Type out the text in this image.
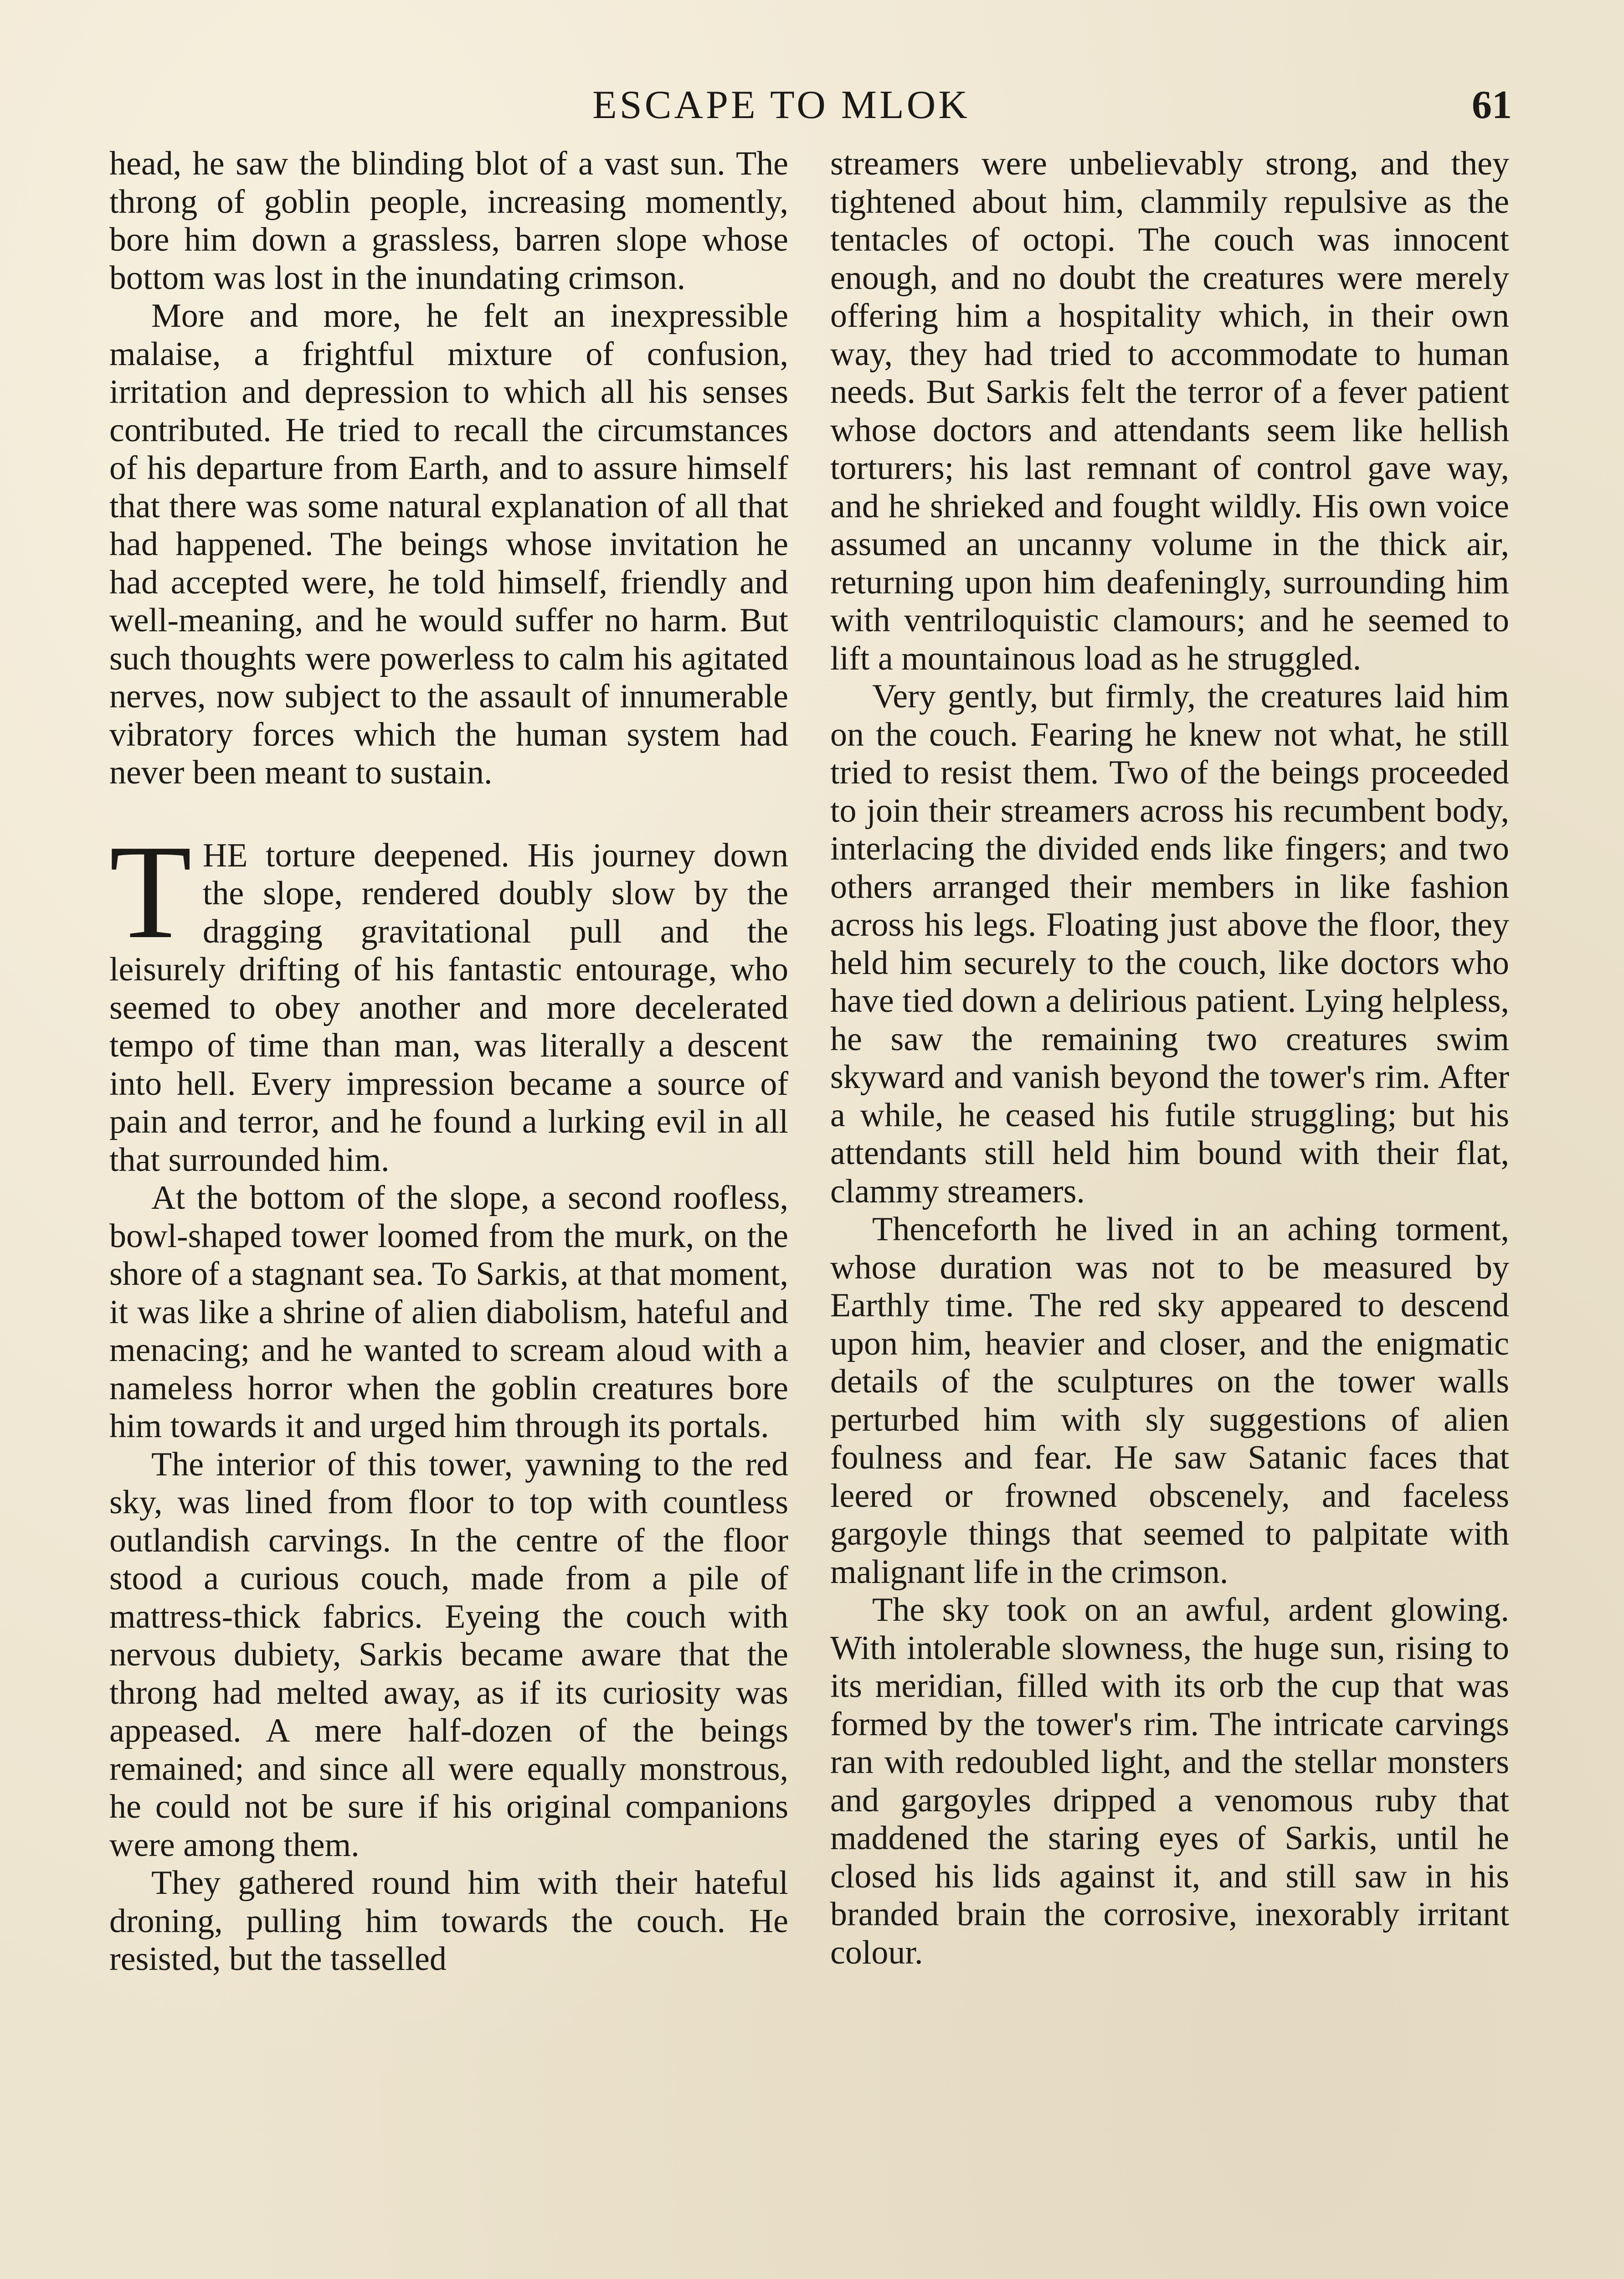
ESCAPE TO MLOK	61

head, he saw the blinding blot of a vast sun. The throng of goblin people, increasing momently, bore him down a grassless, barren slope whose bottom was lost in the inundating crimson.

More and more, he felt an inexpressible malaise, a frightful mixture of confusion, irritation and depression to which all his senses contributed. He tried to recall the circumstances of his departure from Earth, and to assure himself that there was some natural explanation of all that had happened. The beings whose invitation he had accepted were, he told himself, friendly and well-meaning, and he would suffer no harm. But such thoughts were powerless to calm his agitated nerves, now subject to the assault of innumerable vibratory forces which the human system had never been meant to sustain.

THE torture deepened. His journey down the slope, rendered doubly slow by the dragging gravitational pull and the leisurely drifting of his fantastic entourage, who seemed to obey another and more decelerated tempo of time than man, was literally a descent into hell. Every impression became a source of pain and terror, and he found a lurking evil in all that surrounded him.

At the bottom of the slope, a second roofless, bowl-shaped tower loomed from the murk, on the shore of a stagnant sea. To Sarkis, at that moment, it was like a shrine of alien diabolism, hateful and menacing; and he wanted to scream aloud with a nameless horror when the goblin creatures bore him towards it and urged him through its portals.

The interior of this tower, yawning to the red sky, was lined from floor to top with countless outlandish carvings. In the centre of the floor stood a curious couch, made from a pile of mattress-thick fabrics. Eyeing the couch with nervous dubiety, Sarkis became aware that the throng had melted away, as if its curiosity was appeased. A mere half-dozen of the beings remained; and since all were equally monstrous, he could not be sure if his original companions were among them.

They gathered round him with their hateful droning, pulling him towards the couch. He resisted, but the tasselled

streamers were unbelievably strong, and they tightened about him, clammily repulsive as the tentacles of octopi. The couch was innocent enough, and no doubt the creatures were merely offering him a hospitality which, in their own way, they had tried to accommodate to human needs. But Sarkis felt the terror of a fever patient whose doctors and attendants seem like hellish torturers; his last remnant of control gave way, and he shrieked and fought wildly. His own voice assumed an uncanny volume in the thick air, returning upon him deafeningly, surrounding him with ventriloquistic clamours; and he seemed to lift a mountainous load as he struggled.

Very gently, but firmly, the creatures laid him on the couch. Fearing he knew not what, he still tried to resist them. Two of the beings proceeded to join their streamers across his recumbent body, interlacing the divided ends like fingers; and two others arranged their members in like fashion across his legs. Floating just above the floor, they held him securely to the couch, like doctors who have tied down a delirious patient. Lying helpless, he saw the remaining two creatures swim skyward and vanish beyond the tower's rim. After a while, he ceased his futile struggling; but his attendants still held him bound with their flat, clammy streamers.

Thenceforth he lived in an aching torment, whose duration was not to be measured by Earthly time. The red sky appeared to descend upon him, heavier and closer, and the enigmatic details of the sculptures on the tower walls perturbed him with sly suggestions of alien foulness and fear. He saw Satanic faces that leered or frowned obscenely, and faceless gargoyle things that seemed to palpitate with malignant life in the crimson.

The sky took on an awful, ardent glowing. With intolerable slowness, the huge sun, rising to its meridian, filled with its orb the cup that was formed by the tower's rim. The intricate carvings ran with redoubled light, and the stellar monsters and gargoyles dripped a venomous ruby that maddened the staring eyes of Sarkis, until he closed his lids against it, and still saw in his branded brain the corrosive, inexorably irritant colour.
